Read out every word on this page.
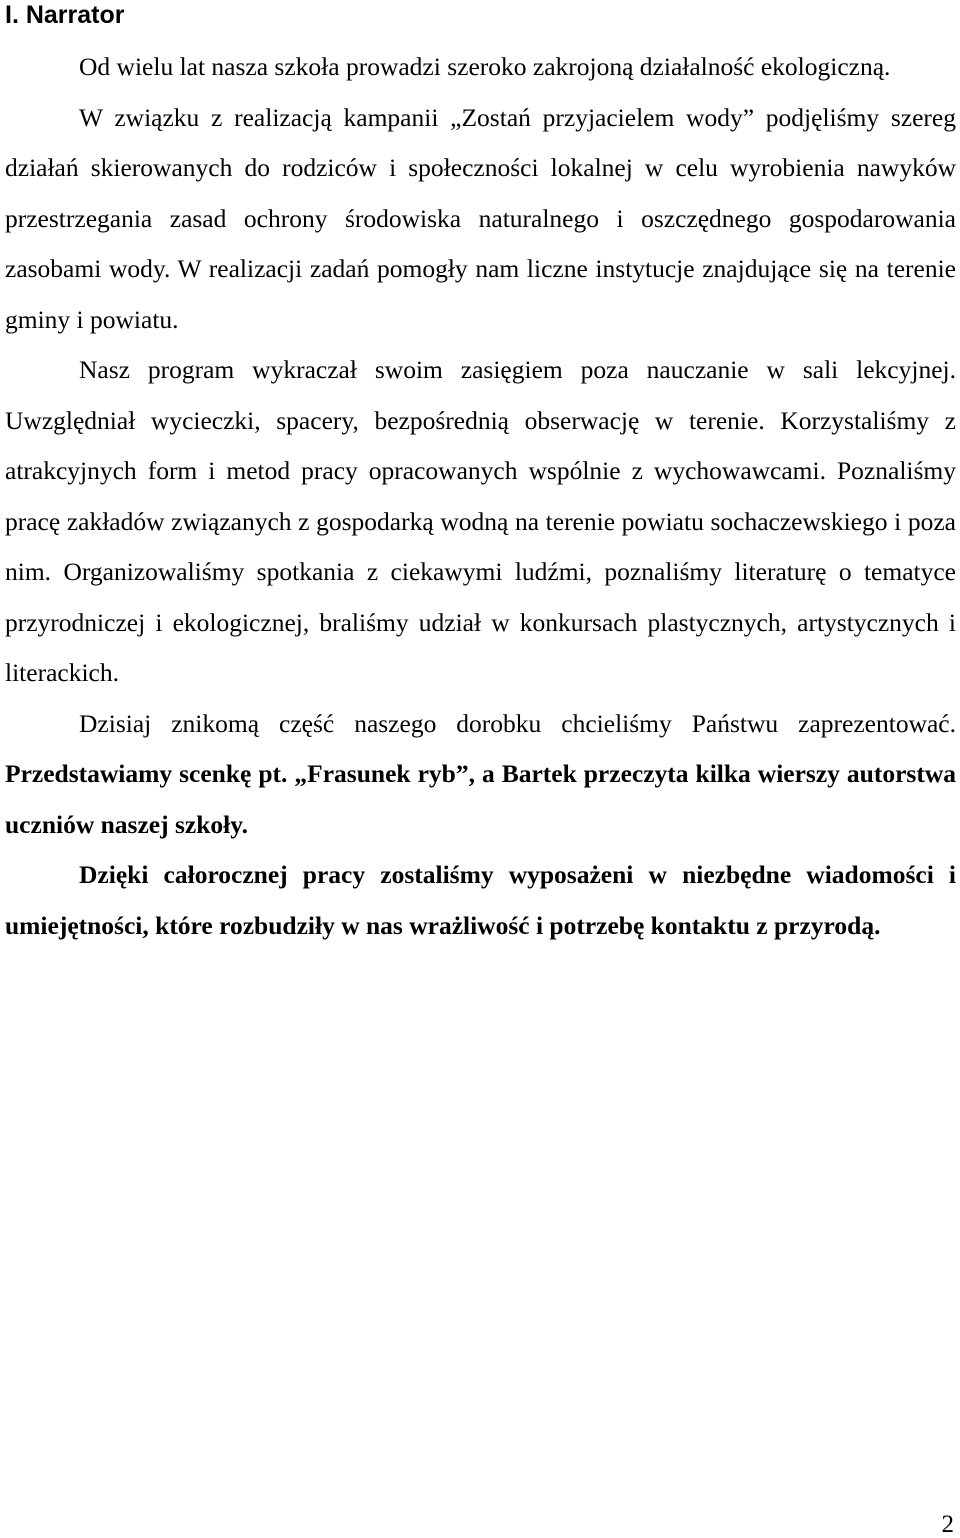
I. Narrator

Od wielu lat nasza szkoła prowadzi szeroko zakrojoną działalność ekologiczną.

W związku z realizacją kampanii „Zostań przyjacielem wody” podjęliśmy szereg działań skierowanych do rodziców i społeczności lokalnej w celu wyrobienia nawyków przestrzegania zasad ochrony środowiska naturalnego i oszczędnego gospodarowania zasobami wody. W realizacji zadań pomogły nam liczne instytucje znajdujące się na terenie gminy i powiatu.

Nasz program wykraczał swoim zasięgiem poza nauczanie w sali lekcyjnej. Uwzględniał wycieczki, spacery, bezpośrednią obserwację w terenie. Korzystaliśmy z atrakcyjnych form i metod pracy opracowanych wspólnie z wychowawcami. Poznaliśmy pracę zakładów związanych z gospodarką wodną na terenie powiatu sochaczewskiego i poza nim. Organizowaliśmy spotkania z ciekawymi ludźmi, poznaliśmy literaturę o tematyce przyrodniczej i ekologicznej, braliśmy udział w konkursach plastycznych, artystycznych i literackich.

Dzisiaj znikomą część naszego dorobku chcieliśmy Państwu zaprezentować. Przedstawiamy scenkę pt. „Frasunek ryb”, a Bartek przeczyta kilka wierszy autorstwa uczniów naszej szkoły.

Dzięki całorocznej pracy zostaliśmy wyposażeni w niezbędne wiadomości i umiejętności, które rozbudziły w nas wrażliwość i potrzebę kontaktu z przyrodą.

2
